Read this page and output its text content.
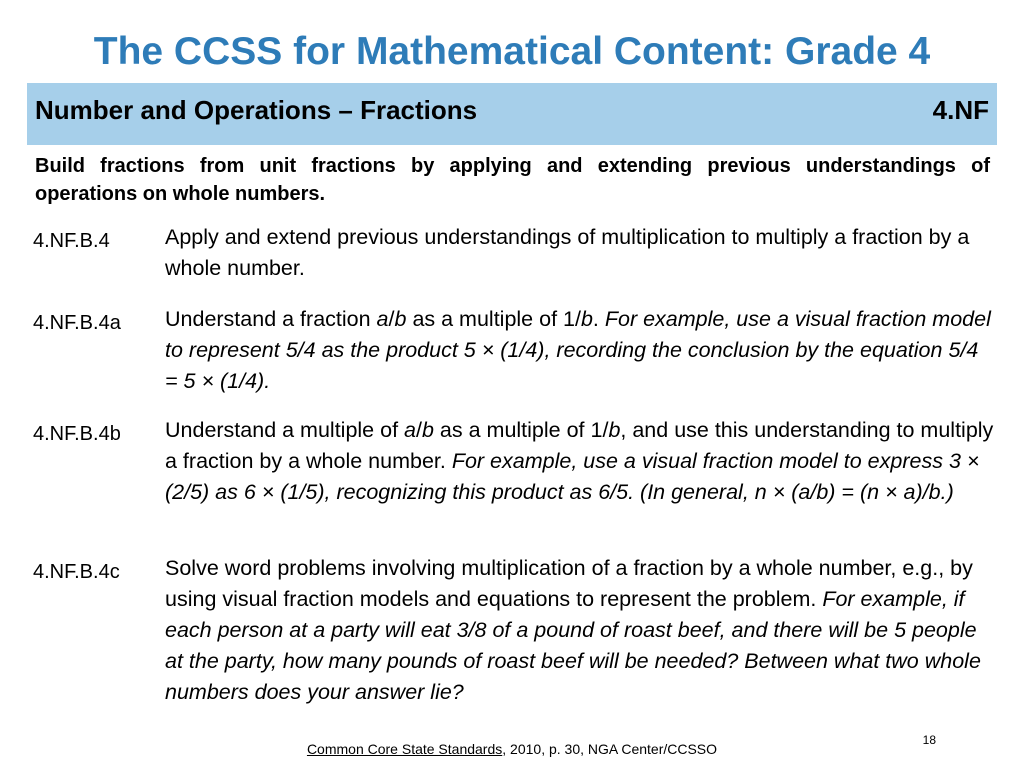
The CCSS for Mathematical Content: Grade 4
Number and Operations – Fractions	4.NF
Build fractions from unit fractions by applying and extending previous understandings of operations on whole numbers.
4.NF.B.4	Apply and extend previous understandings of multiplication to multiply a fraction by a whole number.
4.NF.B.4a Understand a fraction a/b as a multiple of 1/b. For example, use a visual fraction model to represent 5/4 as the product 5 × (1/4), recording the conclusion by the equation 5/4 = 5 × (1/4).
4.NF.B.4b Understand a multiple of a/b as a multiple of 1/b, and use this understanding to multiply a fraction by a whole number. For example, use a visual fraction model to express 3 × (2/5) as 6 × (1/5), recognizing this product as 6/5. (In general, n × (a/b) = (n × a)/b.)
4.NF.B.4c Solve word problems involving multiplication of a fraction by a whole number, e.g., by using visual fraction models and equations to represent the problem. For example, if each person at a party will eat 3/8 of a pound of roast beef, and there will be 5 people at the party, how many pounds of roast beef will be needed? Between what two whole numbers does your answer lie?
Common Core State Standards, 2010, p. 30, NGA Center/CCSSO
18
